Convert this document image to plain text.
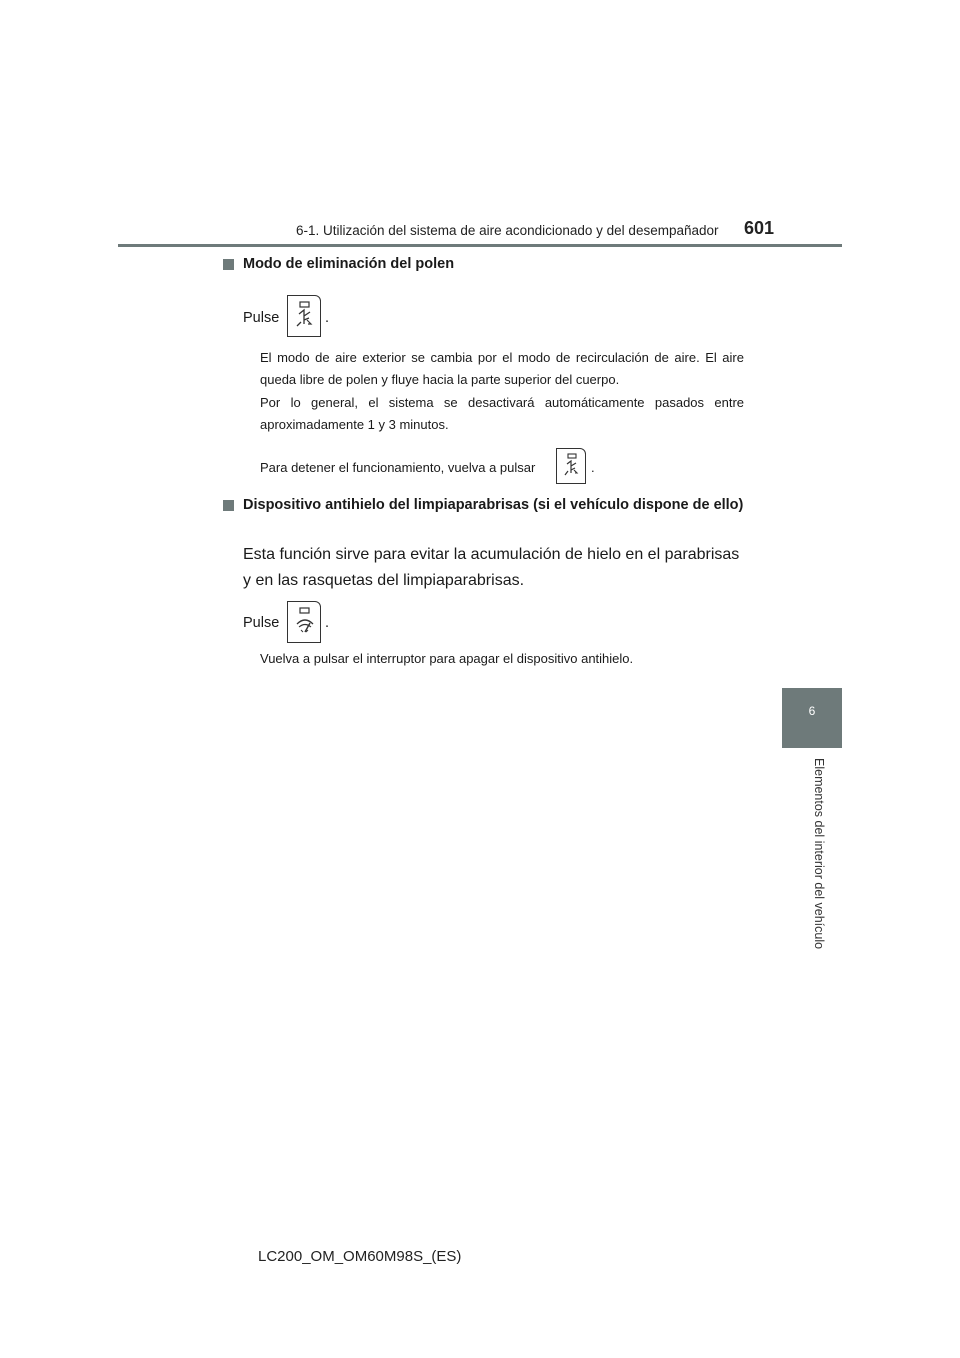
6-1. Utilización del sistema de aire acondicionado y del desempañador 601
6
Elementos del interior del vehículo
Modo de eliminación del polen
Pulse	.
El modo de aire exterior se cambia por el modo de recirculación de aire. El aire queda libre de polen y fluye hacia la parte superior del cuerpo.
Por lo general, el sistema se desactivará automáticamente pasados entre aproximadamente 1 y 3 minutos.
Para detener el funcionamiento, vuelva a pulsar	.
Dispositivo antihielo del limpiaparabrisas (si el vehículo dispone de ello)
Esta función sirve para evitar la acumulación de hielo en el parabrisas y en las rasquetas del limpiaparabrisas.
Pulse	.
Vuelva a pulsar el interruptor para apagar el dispositivo antihielo.
LC200_OM_OM60M98S_(ES)
